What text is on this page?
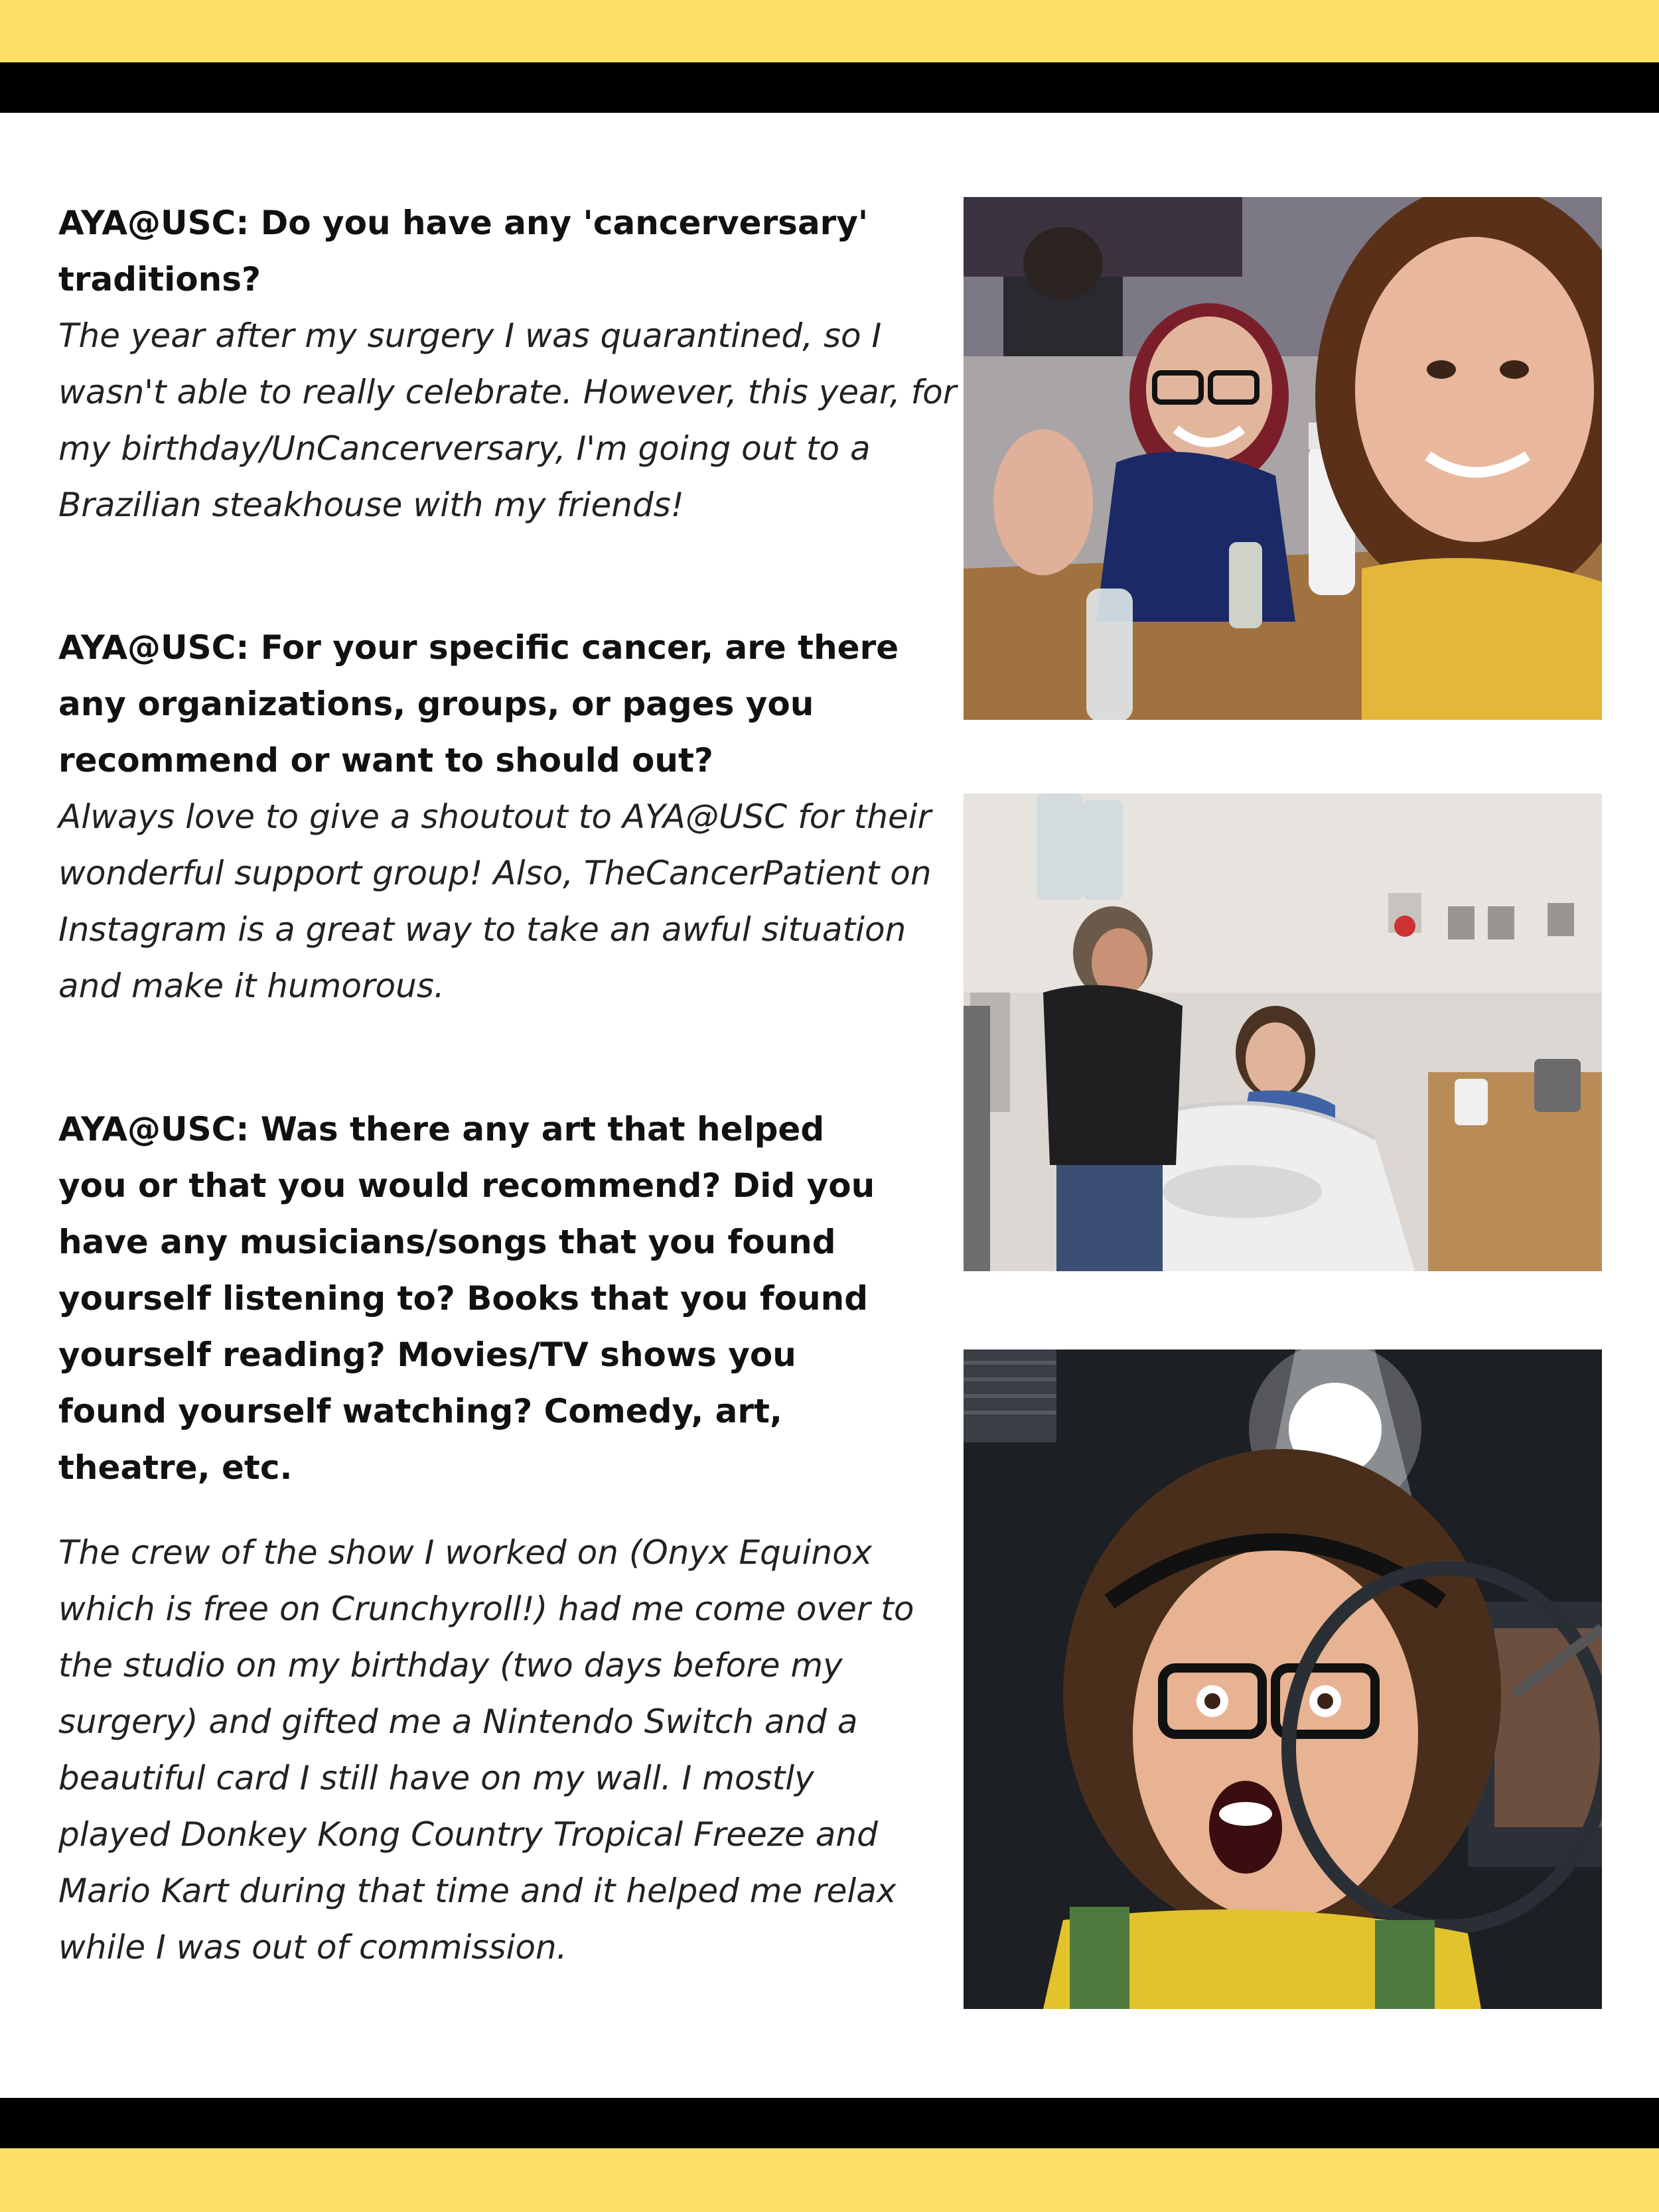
AYA@USC: Do you have any 'cancerversary' traditions?

The year after my surgery I was quarantined, so I wasn't able to really celebrate. However, this year, for my birthday/UnCancerversary, I'm going out to a Brazilian steakhouse with my friends!

AYA@USC: For your specific cancer, are there any organizations, groups, or pages you recommend or want to should out?

Always love to give a shoutout to AYA@USC for their wonderful support group! Also, TheCancerPatient on Instagram is a great way to take an awful situation and make it humorous.

AYA@USC: Was there any art that helped you or that you would recommend? Did you have any musicians/songs that you found yourself listening to? Books that you found yourself reading? Movies/TV shows you found yourself watching? Comedy, art, theatre, etc.

The crew of the show I worked on (Onyx Equinox which is free on Crunchyroll!) had me come over to the studio on my birthday (two days before my surgery) and gifted me a Nintendo Switch and a beautiful card I still have on my wall. I mostly played Donkey Kong Country Tropical Freeze and Mario Kart during that time and it helped me relax while I was out of commission.
